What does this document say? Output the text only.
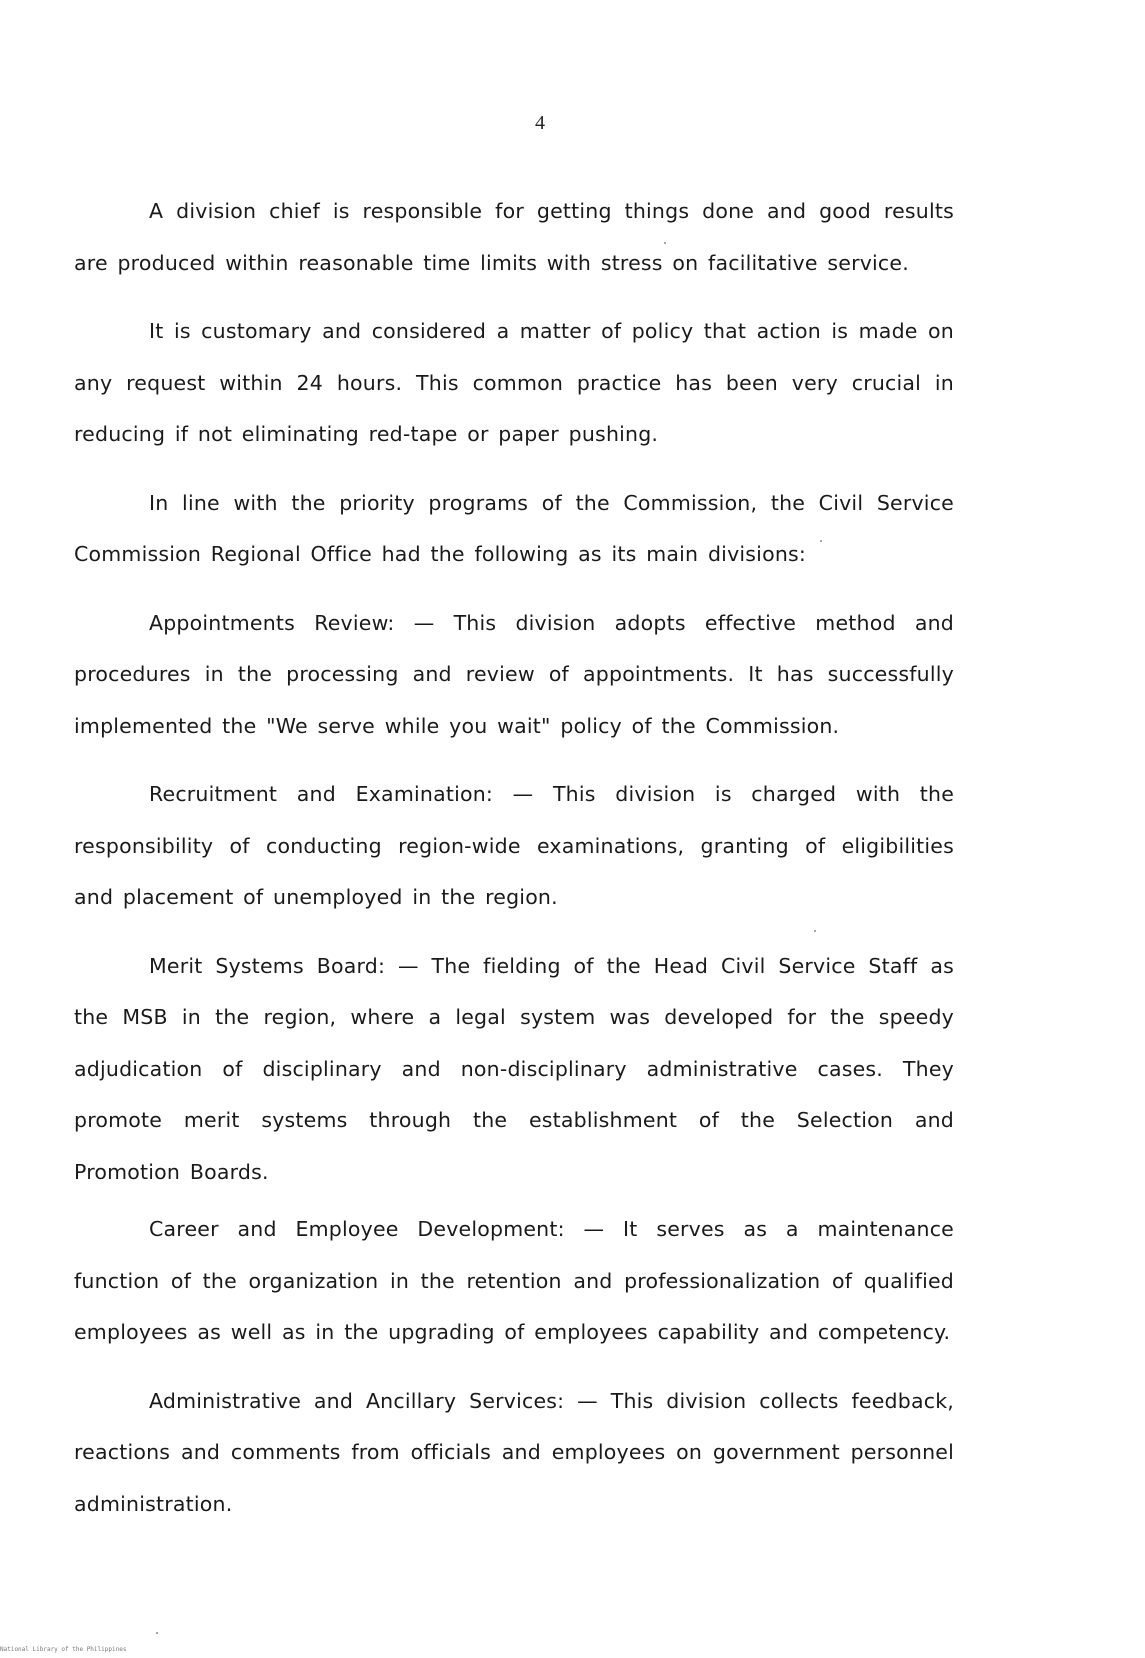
4

A division chief is responsible for getting things done and good results are produced within reasonable time limits with stress on facilitative service.

It is customary and considered a matter of policy that action is made on any request within 24 hours. This common practice has been very crucial in reducing if not eliminating red-tape or paper pushing.

In line with the priority programs of the Commission, the Civil Service Commission Regional Office had the following as its main divisions:

Appointments Review: — This division adopts effective method and procedures in the processing and review of appointments. It has successfully implemented the "We serve while you wait" policy of the Commission.

Recruitment and Examination: — This division is charged with the responsibility of conducting region-wide examinations, granting of eligibilities and placement of unemployed in the region.

Merit Systems Board: — The fielding of the Head Civil Service Staff as the MSB in the region, where a legal system was developed for the speedy adjudication of disciplinary and non-disciplinary administrative cases. They promote merit systems through the establishment of the Selection and Promotion Boards.

Career and Employee Development: — It serves as a maintenance function of the organization in the retention and professionalization of qualified employees as well as in the upgrading of employees capability and competency.

Administrative and Ancillary Services: — This division collects feedback, reactions and comments from officials and employees on government personnel administration.

National Library of the Philippines
